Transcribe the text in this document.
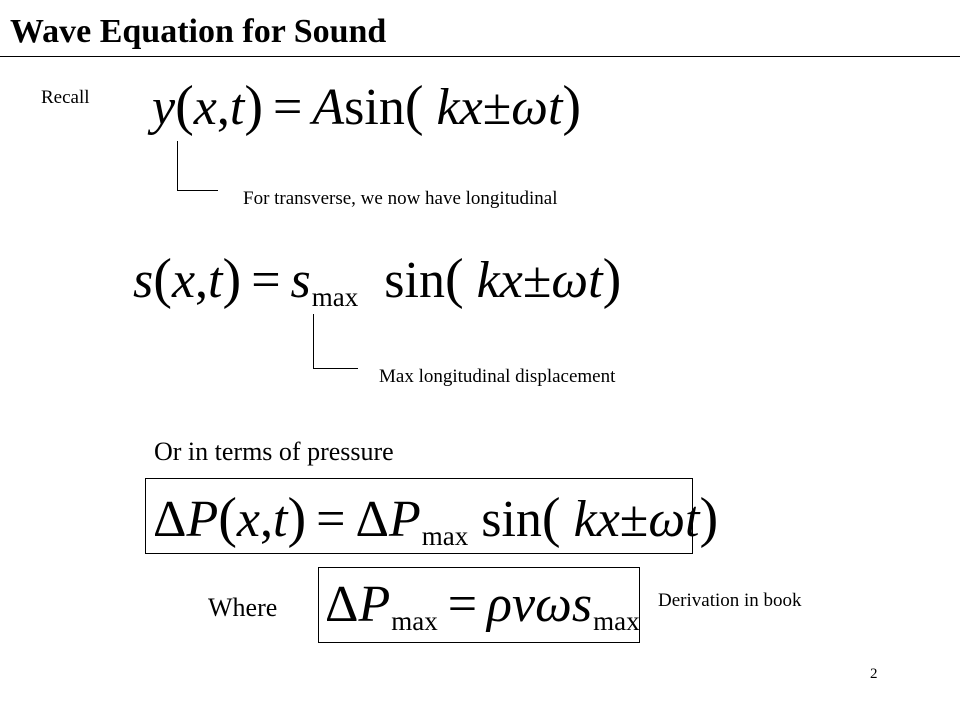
Wave Equation for Sound
Recall y(x,t) = Asin( kx±ωt)
For transverse, we now have longitudinal
$s(x,t) = s_{max}$ sin( kx±ωt)
Max longitudinal displacement
Or in terms of pressure
$\Delta P(x,t) = \Delta P_{max}$ sin( kx±ωt)
Where $\Delta P_{max} = \rho v\omega s_{max}$
Derivation in book
2
